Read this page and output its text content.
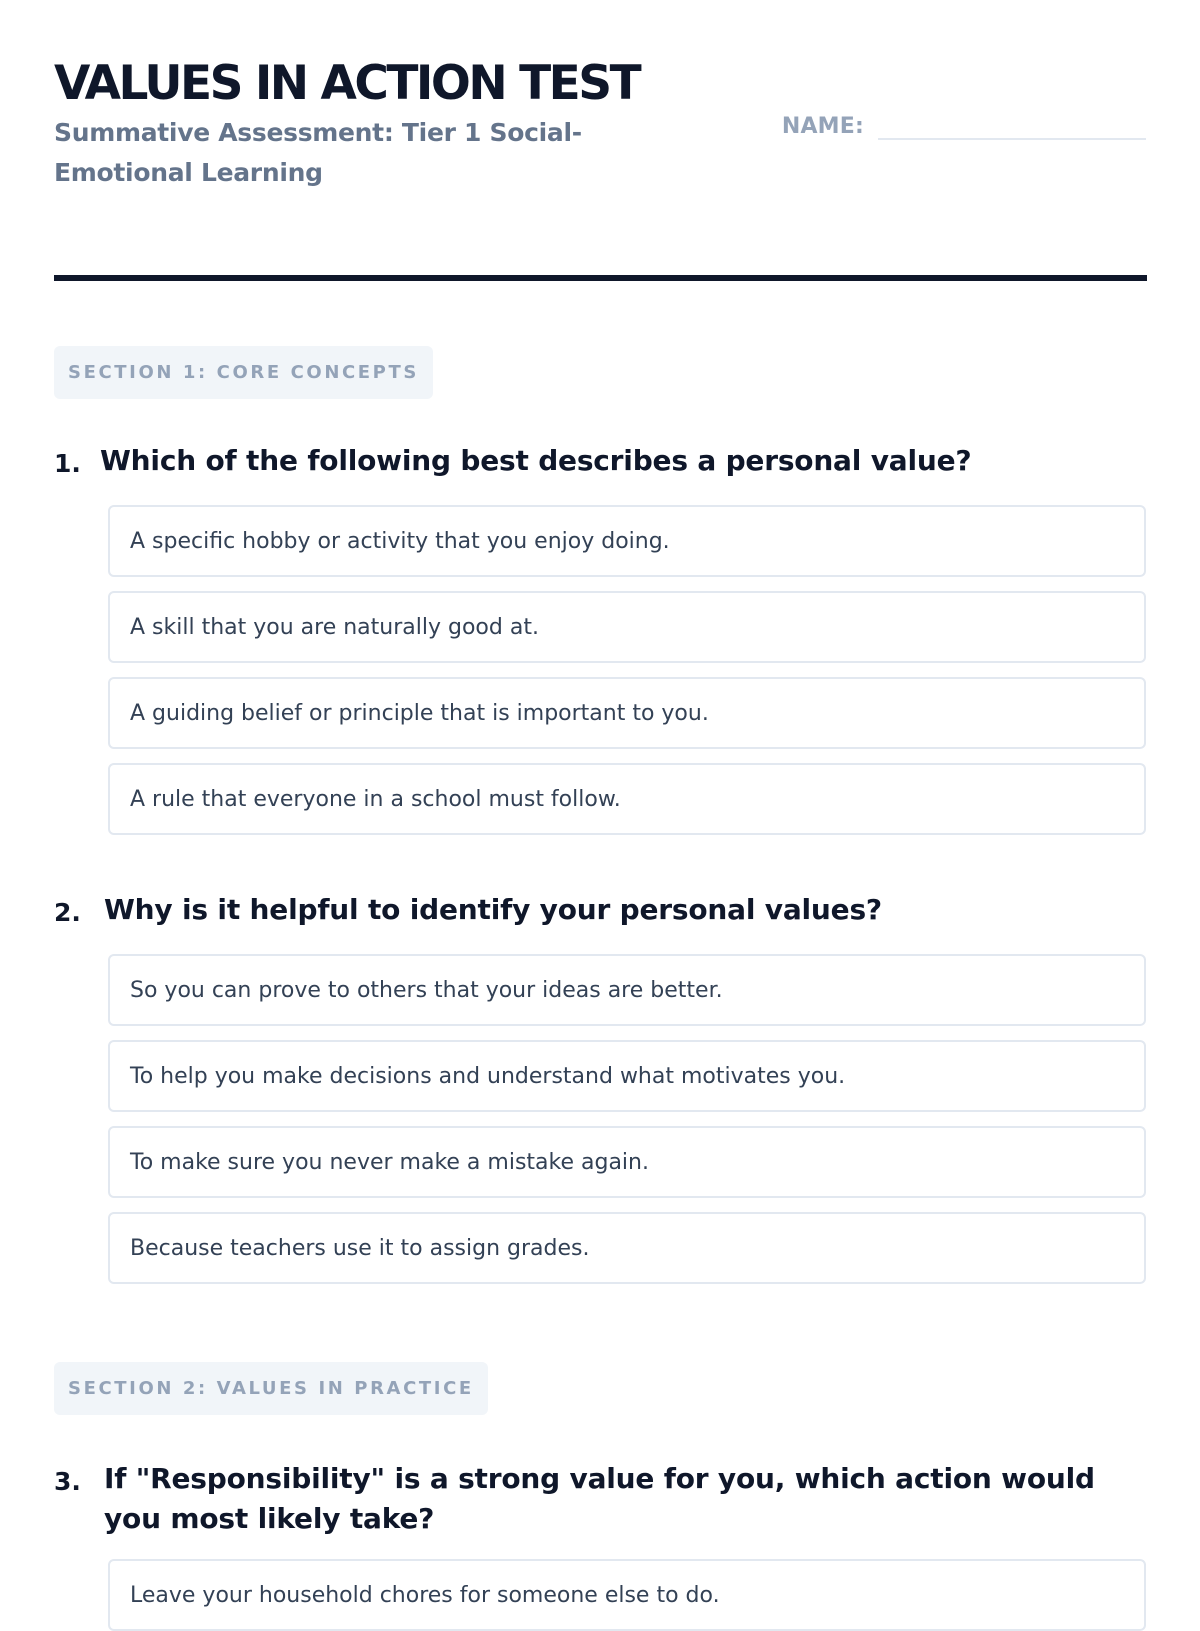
VALUES IN ACTION TEST
Summative Assessment: Tier 1 Social-Emotional Learning
NAME:
SECTION 1: CORE CONCEPTS
1. Which of the following best describes a personal value?
A specific hobby or activity that you enjoy doing.
A skill that you are naturally good at.
A guiding belief or principle that is important to you.
A rule that everyone in a school must follow.
2. Why is it helpful to identify your personal values?
So you can prove to others that your ideas are better.
To help you make decisions and understand what motivates you.
To make sure you never make a mistake again.
Because teachers use it to assign grades.
SECTION 2: VALUES IN PRACTICE
3. If "Responsibility" is a strong value for you, which action would you most likely take?
Leave your household chores for someone else to do.
